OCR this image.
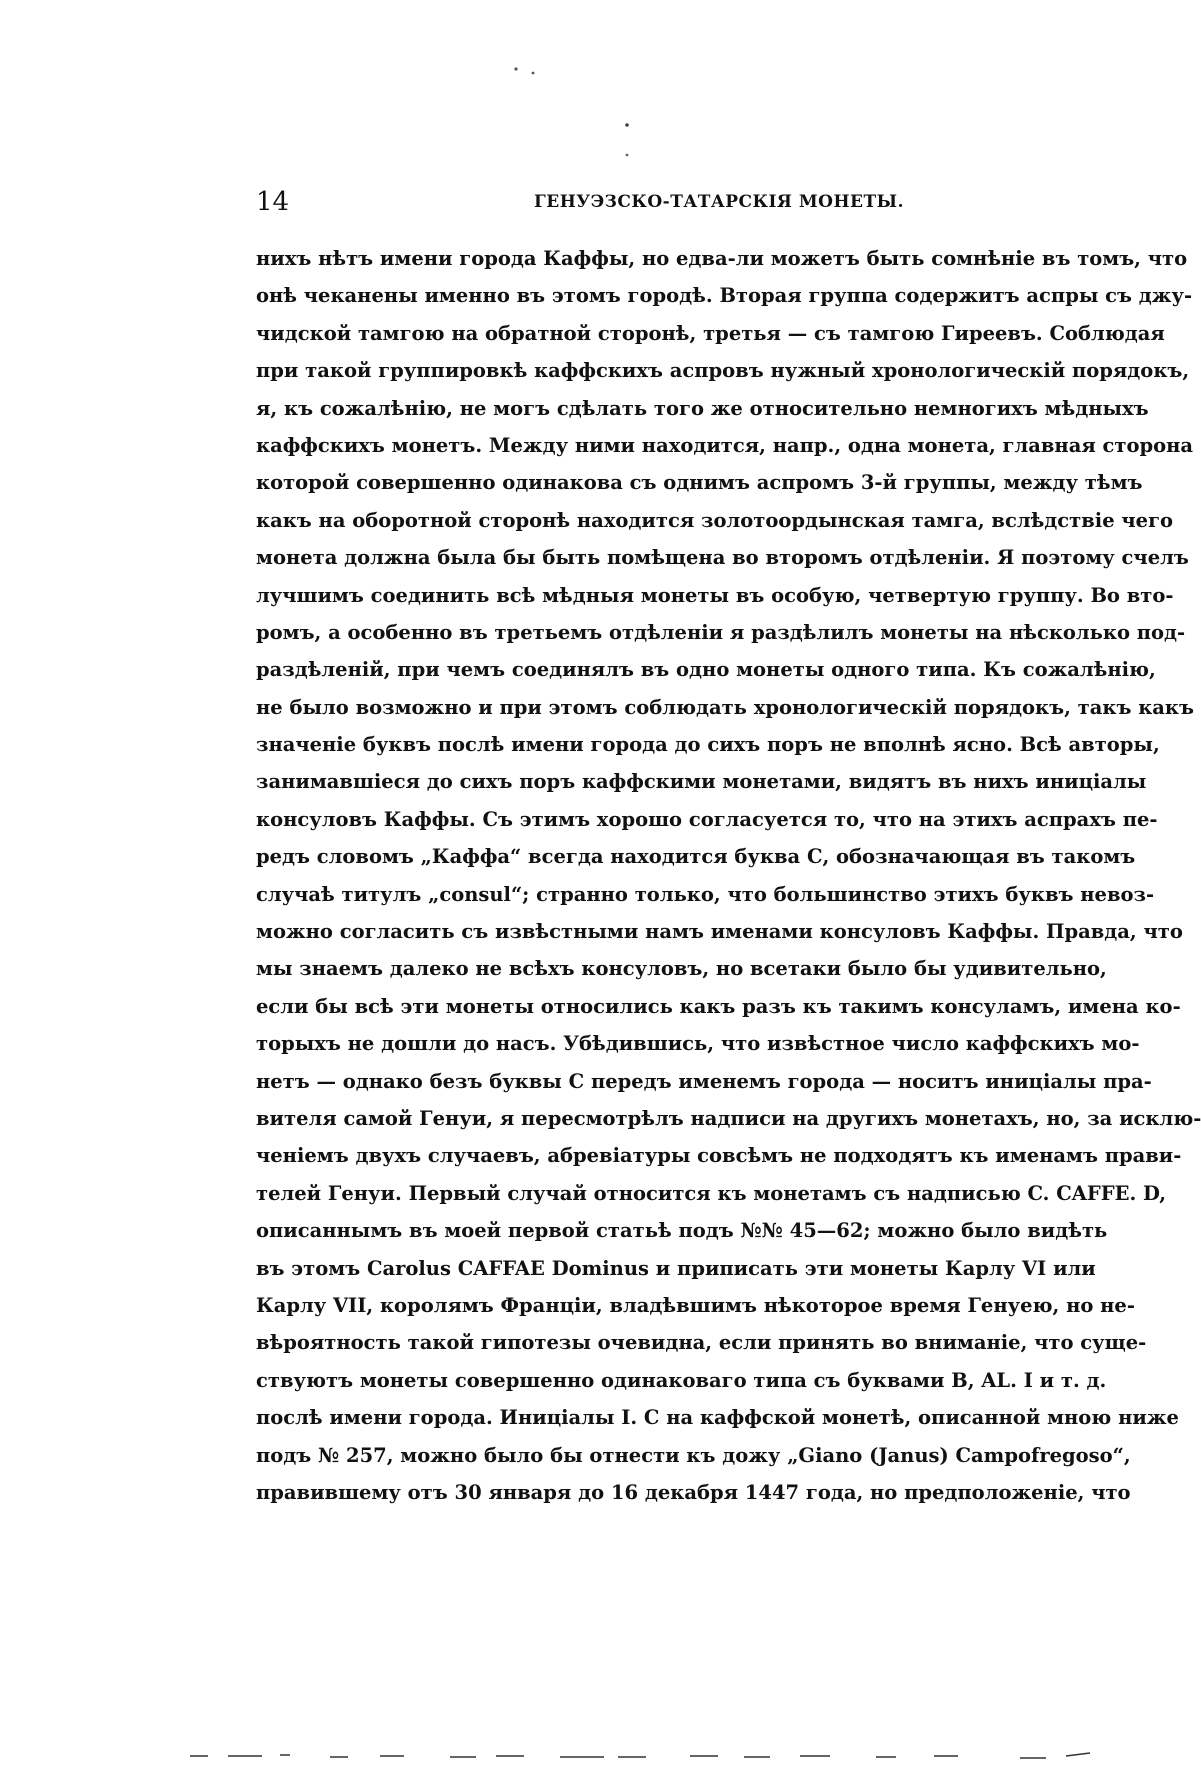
14	ГЕНУЭЗСКО-ТАТАРСКІЯ МОНЕТЫ.
нихъ нѣтъ имени города Каффы, но едва-ли можетъ быть сомнѣніе въ томъ, что
онѣ чеканены именно въ этомъ городѣ. Вторая группа содержитъ аспры съ джу-
чидской тамгою на обратной сторонѣ, третья — съ тамгою Гиреевъ. Соблюдая
при такой группировкѣ каффскихъ аспровъ нужный хронологическій порядокъ,
я, къ сожалѣнію, не могъ сдѣлать того же относительно немногихъ мѣдныхъ
каффскихъ монетъ. Между ними находится, напр., одна монета, главная сторона
которой совершенно одинакова съ однимъ аспромъ 3-й группы, между тѣмъ
какъ на оборотной сторонѣ находится золотоордынская тамга, вслѣдствіе чего
монета должна была бы быть помѣщена во второмъ отдѣленіи. Я поэтому счелъ
лучшимъ соединить всѣ мѣдныя монеты въ особую, четвертую группу. Во вто-
ромъ, а особенно въ третьемъ отдѣленіи я раздѣлилъ монеты на нѣсколько под-
раздѣленій, при чемъ соединялъ въ одно монеты одного типа. Къ сожалѣнію,
не было возможно и при этомъ соблюдать хронологическій порядокъ, такъ какъ
значеніе буквъ послѣ имени города до сихъ поръ не вполнѣ ясно. Всѣ авторы,
занимавшіеся до сихъ поръ каффскими монетами, видятъ въ нихъ иниціалы
консуловъ Каффы. Съ этимъ хорошо согласуется то, что на этихъ аспрахъ пе-
редъ словомъ „Каффа“ всегда находится буква С, обозначающая въ такомъ
случаѣ титулъ „consul“; странно только, что большинство этихъ буквъ невоз-
можно согласить съ извѣстными намъ именами консуловъ Каффы. Правда, что
мы знаемъ далеко не всѣхъ консуловъ, но всетаки было бы удивительно,
если бы всѣ эти монеты относились какъ разъ къ такимъ консуламъ, имена ко-
торыхъ не дошли до насъ. Убѣдившись, что извѣстное число каффскихъ мо-
нетъ — однако безъ буквы С передъ именемъ города — носитъ иниціалы пра-
вителя самой Генуи, я пересмотрѣлъ надписи на другихъ монетахъ, но, за исклю-
ченіемъ двухъ случаевъ, абревіатуры совсѣмъ не подходятъ къ именамъ прави-
телей Генуи. Первый случай относится къ монетамъ съ надписью C. CAFFE. D,
описаннымъ въ моей первой статьѣ подъ №№ 45—62; можно было видѣть
въ этомъ Carolus CAFFAE Dominus и приписать эти монеты Карлу VI или
Карлу VII, королямъ Франціи, владѣвшимъ нѣкоторое время Генуею, но не-
вѣроятность такой гипотезы очевидна, если принять во вниманіе, что суще-
ствуютъ монеты совершенно одинаковаго типа съ буквами B, AL. I и т. д.
послѣ имени города. Иниціалы I. C на каффской монетѣ, описанной мною ниже
подъ № 257, можно было бы отнести къ дожу „Giano (Janus) Campofregoso“,
правившему отъ 30 января до 16 декабря 1447 года, но предположеніе, что
